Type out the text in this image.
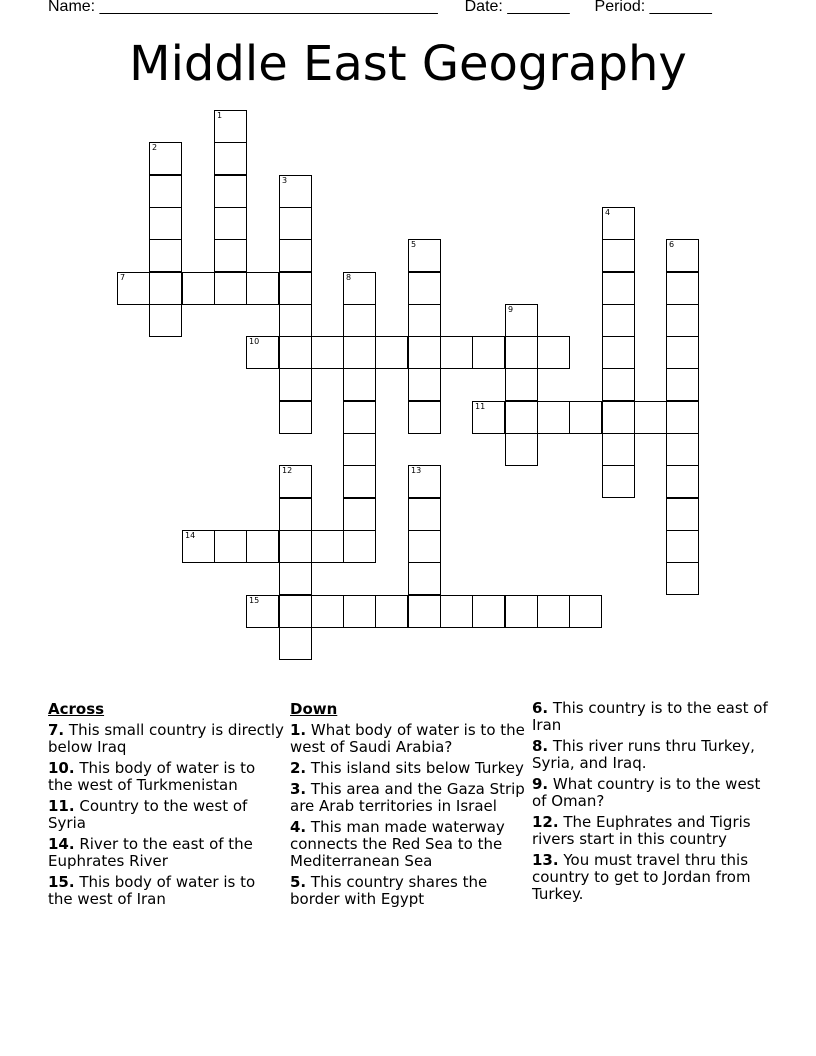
Name: ______________________________________ Date: _______ Period: _______
Middle East Geography
1
2
3
4
5	6
7	8
9
10
11
12	13
14
15
Across
7. This small country is directly below Iraq
10. This body of water is to the west of Turkmenistan
11. Country to the west of Syria
14. River to the east of the Euphrates River
15. This body of water is to the west of Iran
Down
1. What body of water is to the west of Saudi Arabia?
2. This island sits below Turkey
3. This area and the Gaza Strip are Arab territories in Israel
4. This man made waterway connects the Red Sea to the Mediterranean Sea
5. This country shares the border with Egypt
6. This country is to the east of Iran
8. This river runs thru Turkey, Syria, and Iraq.
9. What country is to the west of Oman?
12. The Euphrates and Tigris rivers start in this country
13. You must travel thru this country to get to Jordan from Turkey.
